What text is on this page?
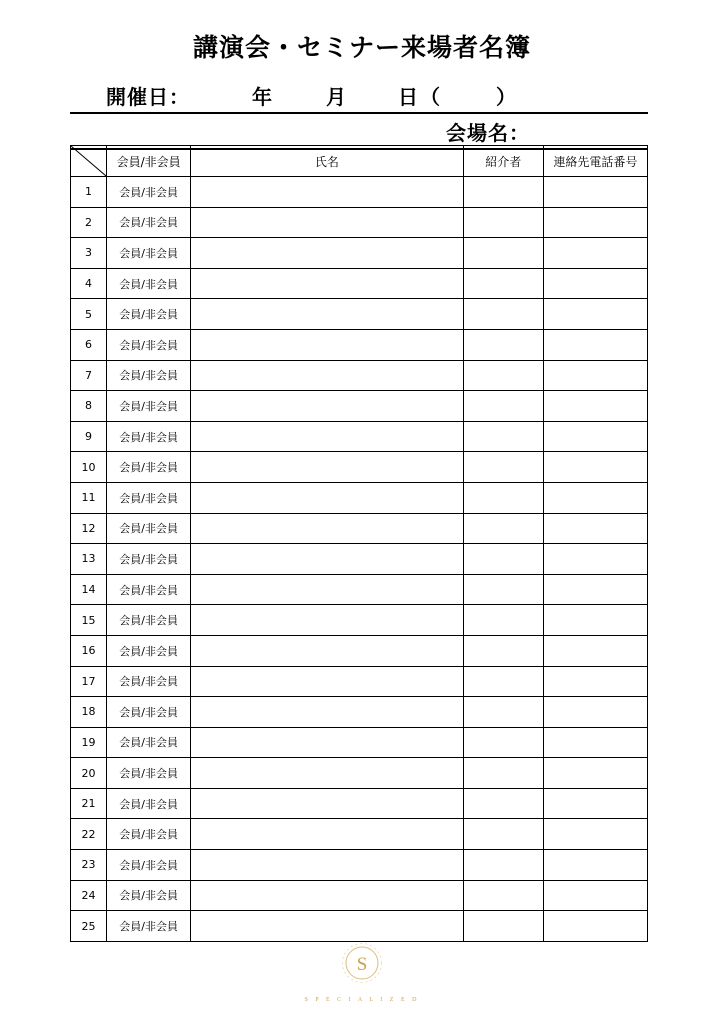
講演会・セミナー来場者名簿
開催日：	年	月	日 （　）
会場名：
	会員/非会員	氏名	紹介者	連絡先電話番号
1	会員/非会員			
2	会員/非会員			
3	会員/非会員			
4	会員/非会員			
5	会員/非会員			
6	会員/非会員			
7	会員/非会員			
8	会員/非会員			
9	会員/非会員			
10	会員/非会員			
11	会員/非会員			
12	会員/非会員			
13	会員/非会員			
14	会員/非会員			
15	会員/非会員			
16	会員/非会員			
17	会員/非会員			
18	会員/非会員			
19	会員/非会員			
20	会員/非会員			
21	会員/非会員			
22	会員/非会員			
23	会員/非会員			
24	会員/非会員			
25	会員/非会員			
S
S P E C I A L I Z E D
